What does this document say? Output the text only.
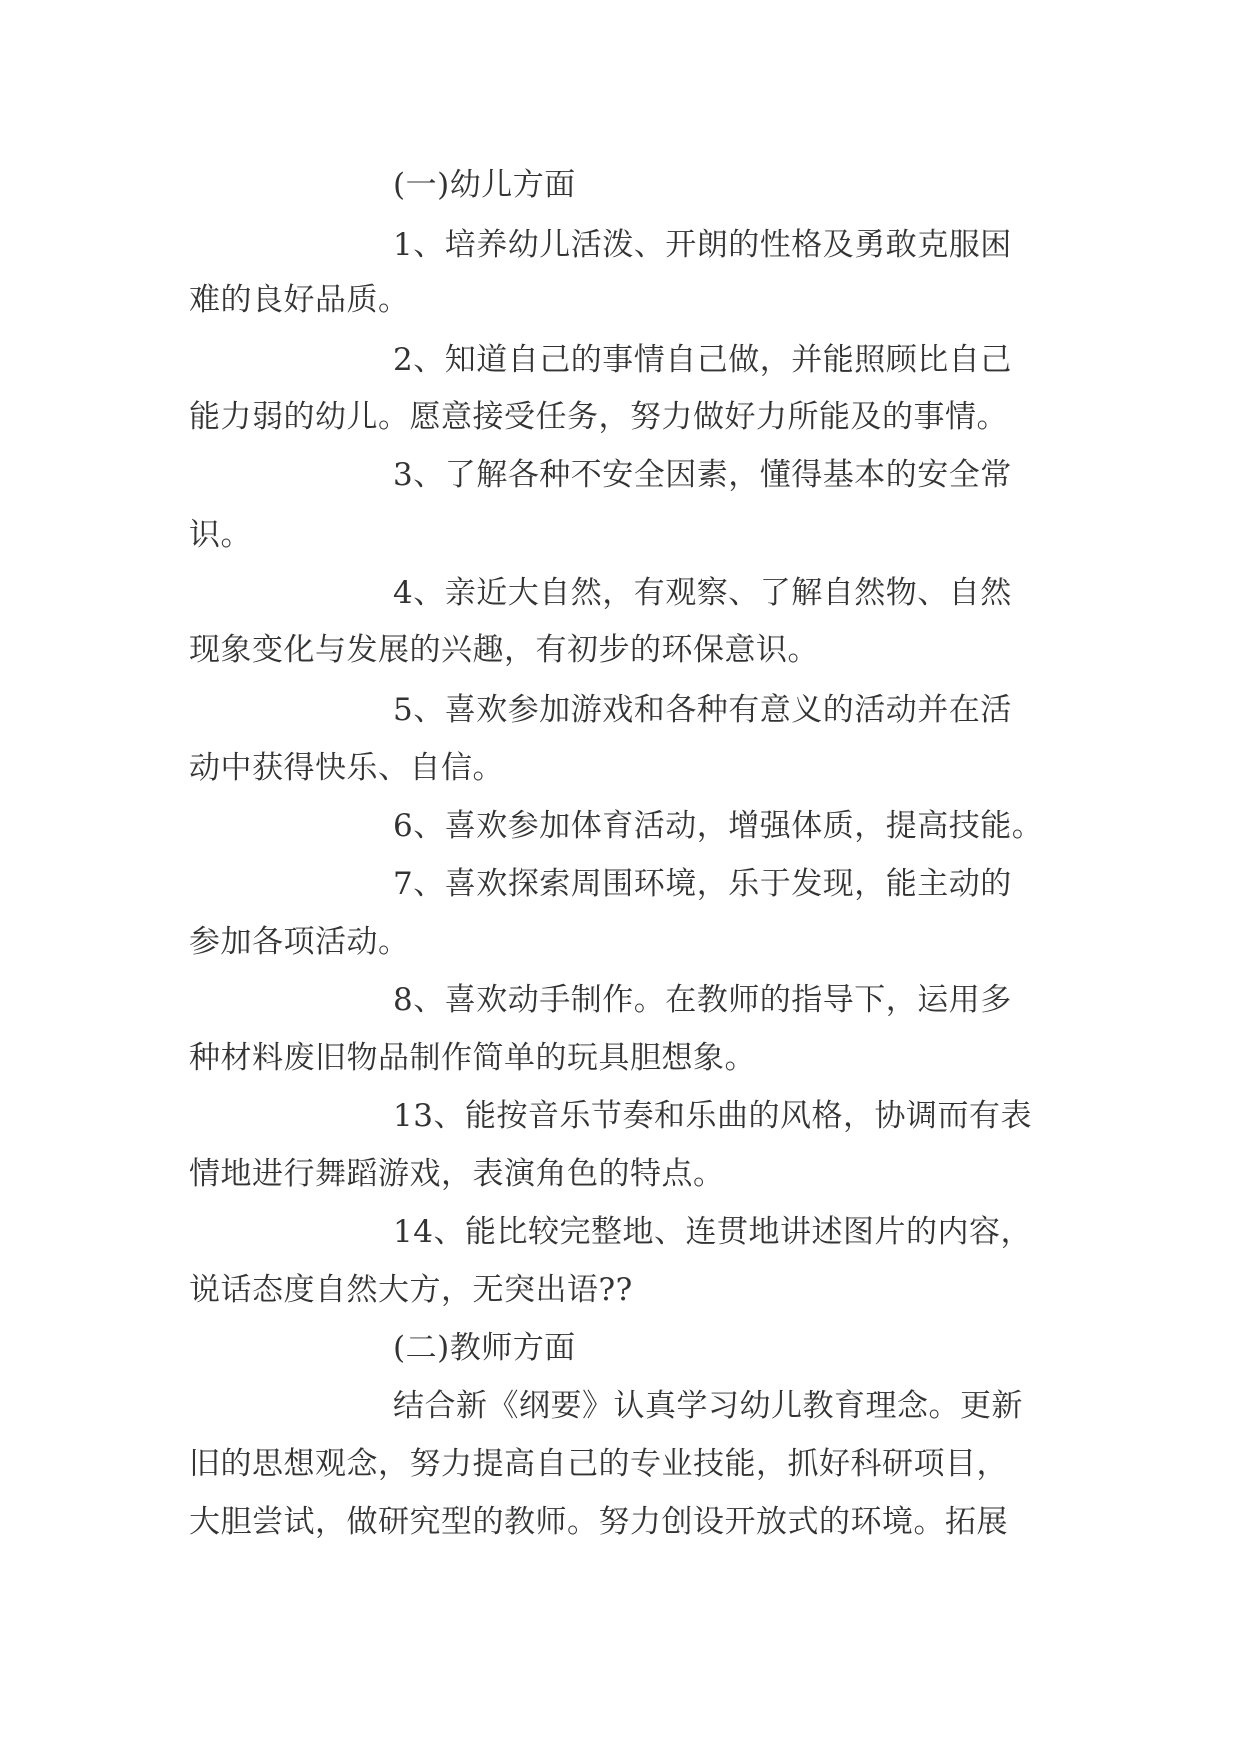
(一)幼儿方面
1、培养幼儿活泼、开朗的性格及勇敢克服困
难的良好品质。
2、知道自己的事情自己做，并能照顾比自己
能力弱的幼儿。愿意接受任务，努力做好力所能及的事情。
3、了解各种不安全因素，懂得基本的安全常
识。
4、亲近大自然，有观察、了解自然物、自然
现象变化与发展的兴趣，有初步的环保意识。
5、喜欢参加游戏和各种有意义的活动并在活
动中获得快乐、自信。
6、喜欢参加体育活动，增强体质，提高技能。
7、喜欢探索周围环境，乐于发现，能主动的
参加各项活动。
8、喜欢动手制作。在教师的指导下，运用多
种材料废旧物品制作简单的玩具胆想象。
13、能按音乐节奏和乐曲的风格，协调而有表
情地进行舞蹈游戏，表演角色的特点。
14、能比较完整地、连贯地讲述图片的内容，
说话态度自然大方，无突出语??
(二)教师方面
结合新《纲要》认真学习幼儿教育理念。更新
旧的思想观念，努力提高自己的专业技能，抓好科研项目，
大胆尝试，做研究型的教师。努力创设开放式的环境。拓展
